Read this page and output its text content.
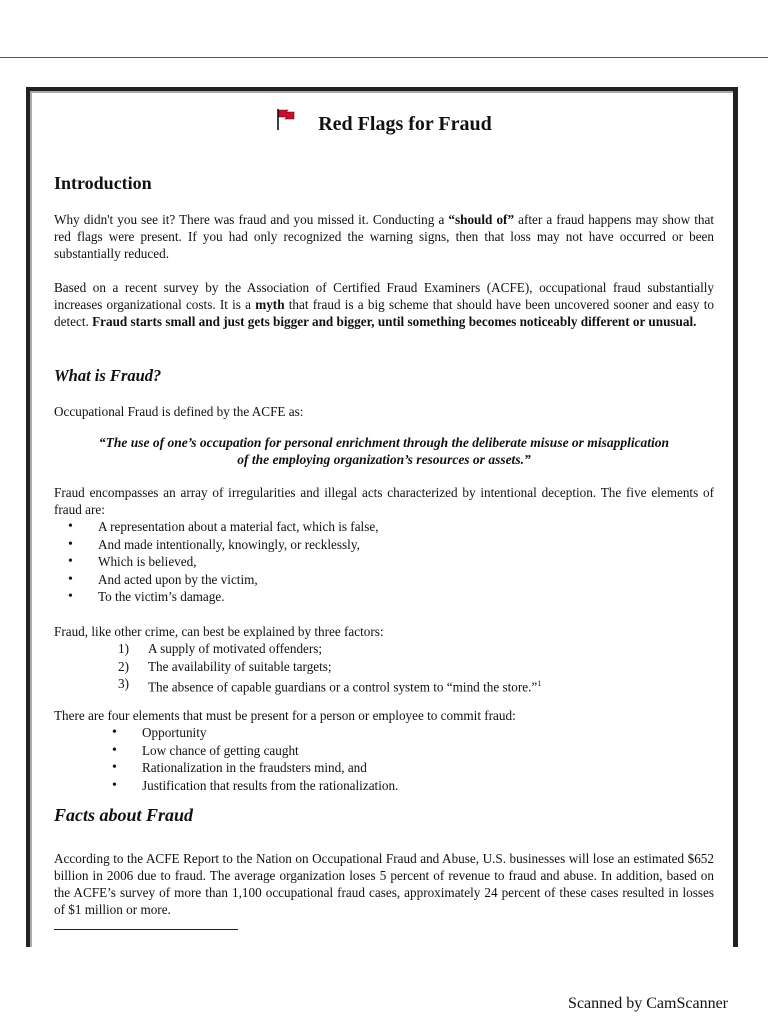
Red Flags for Fraud
Introduction

Why didn't you see it? There was fraud and you missed it. Conducting a “should of” after a fraud happens may show that red flags were present. If you had only recognized the warning signs, then that loss may not have occurred or been substantially reduced.

Based on a recent survey by the Association of Certified Fraud Examiners (ACFE), occupational fraud substantially increases organizational costs. It is a myth that fraud is a big scheme that should have been uncovered sooner and easy to detect. Fraud starts small and just gets bigger and bigger, until something becomes noticeably different or unusual.

What is Fraud?

Occupational Fraud is defined by the ACFE as:

“The use of one’s occupation for personal enrichment through the deliberate misuse or misapplication of the employing organization’s resources or assets.”

Fraud encompasses an array of irregularities and illegal acts characterized by intentional deception. The five elements of fraud are:

• A representation about a material fact, which is false,
• And made intentionally, knowingly, or recklessly,
• Which is believed,
• And acted upon by the victim,
• To the victim’s damage.

Fraud, like other crime, can best be explained by three factors:

1) A supply of motivated offenders;
2) The availability of suitable targets;
3) The absence of capable guardians or a control system to “mind the store.”$^1$

There are four elements that must be present for a person or employee to commit fraud:

• Opportunity
• Low chance of getting caught
• Rationalization in the fraudsters mind, and
• Justification that results from the rationalization.
Facts about Fraud

According to the ACFE Report to the Nation on Occupational Fraud and Abuse, U.S. businesses will lose an estimated $652 billion in 2006 due to fraud. The average organization loses 5 percent of revenue to fraud and abuse. In addition, based on the ACFE’s survey of more than 1,100 occupational fraud cases, approximately 24 percent of these cases resulted in losses of $1 million or more.

Scanned by CamScanner
